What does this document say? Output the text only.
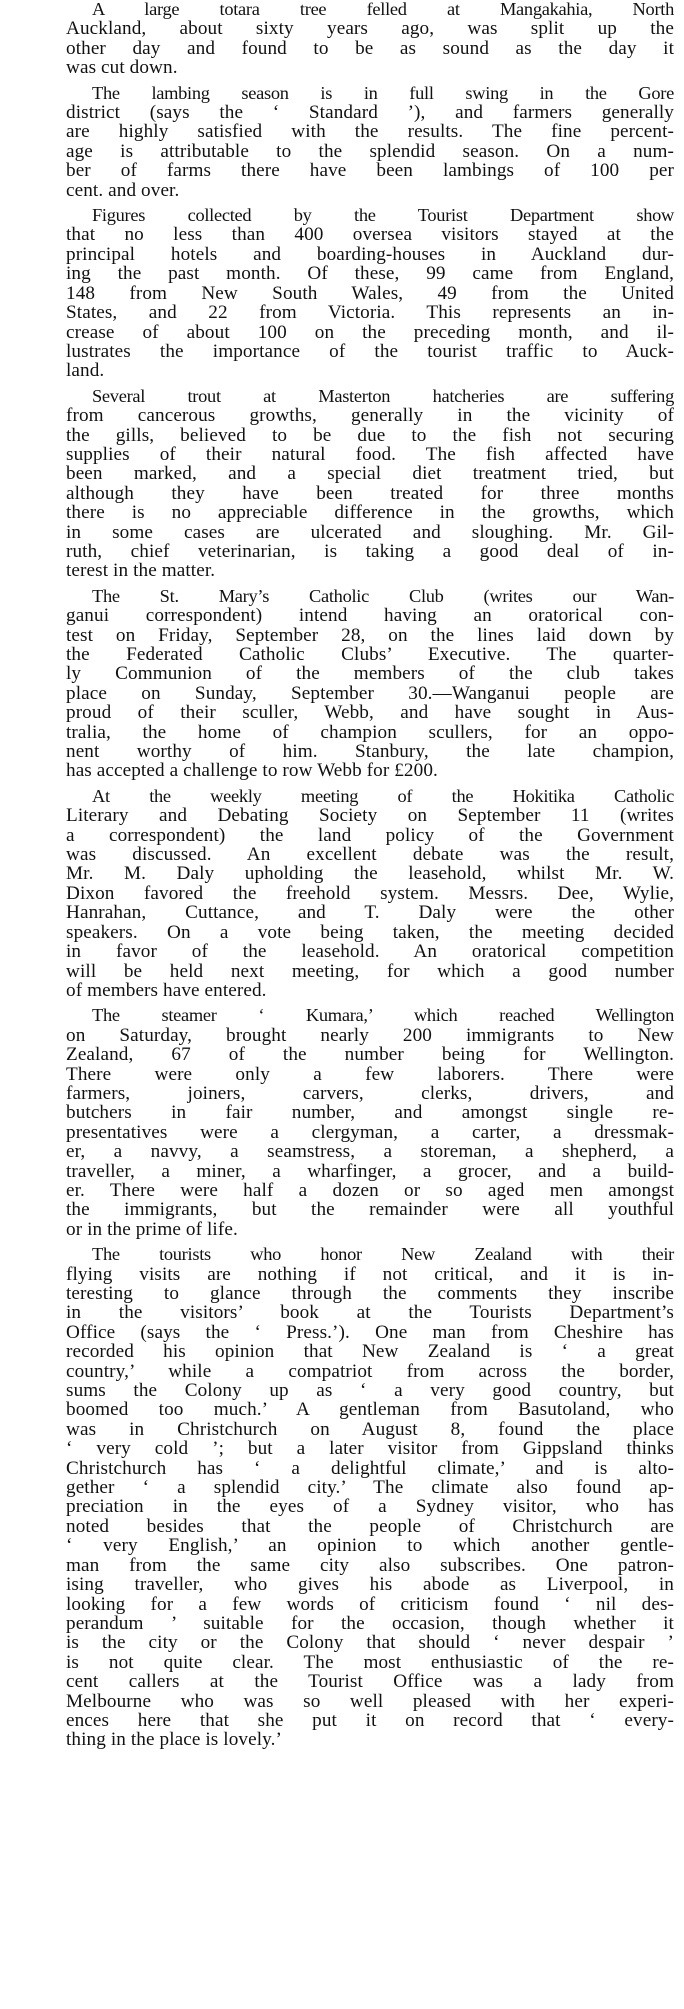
A large totara tree felled at Mangakahia, North
Auckland, about sixty years ago, was split up the
other day and found to be as sound as the day it
was cut down.
The lambing season is in full swing in the Gore
district (says the ‘ Standard ’), and farmers generally
are highly satisfied with the results. The fine percent-
age is attributable to the splendid season. On a num-
ber of farms there have been lambings of 100 per
cent. and over.
Figures collected by the Tourist Department show
that no less than 400 oversea visitors stayed at the
principal hotels and boarding-houses in Auckland dur-
ing the past month. Of these, 99 came from England,
148 from New South Wales, 49 from the United
States, and 22 from Victoria. This represents an in-
crease of about 100 on the preceding month, and il-
lustrates the importance of the tourist traffic to Auck-
land.
Several trout at Masterton hatcheries are suffering
from cancerous growths, generally in the vicinity of
the gills, believed to be due to the fish not securing
supplies of their natural food. The fish affected have
been marked, and a special diet treatment tried, but
although they have been treated for three months
there is no appreciable difference in the growths, which
in some cases are ulcerated and sloughing. Mr. Gil-
ruth, chief veterinarian, is taking a good deal of in-
terest in the matter.
The St. Mary’s Catholic Club (writes our Wan-
ganui correspondent) intend having an oratorical con-
test on Friday, September 28, on the lines laid down by
the Federated Catholic Clubs’ Executive. The quarter-
ly Communion of the members of the club takes
place on Sunday, September 30.—Wanganui people are
proud of their sculler, Webb, and have sought in Aus-
tralia, the home of champion scullers, for an oppo-
nent worthy of him. Stanbury, the late champion,
has accepted a challenge to row Webb for £200.
At the weekly meeting of the Hokitika Catholic
Literary and Debating Society on September 11 (writes
a correspondent) the land policy of the Government
was discussed. An excellent debate was the result,
Mr. M. Daly upholding the leasehold, whilst Mr. W.
Dixon favored the freehold system. Messrs. Dee, Wylie,
Hanrahan, Cuttance, and T. Daly were the other
speakers. On a vote being taken, the meeting decided
in favor of the leasehold. An oratorical competition
will be held next meeting, for which a good number
of members have entered.
The steamer ‘ Kumara,’ which reached Wellington
on Saturday, brought nearly 200 immigrants to New
Zealand, 67 of the number being for Wellington.
There were only a few laborers. There were
farmers, joiners, carvers, clerks, drivers, and
butchers in fair number, and amongst single re-
presentatives were a clergyman, a carter, a dressmak-
er, a navvy, a seamstress, a storeman, a shepherd, a
traveller, a miner, a wharfinger, a grocer, and a build-
er. There were half a dozen or so aged men amongst
the immigrants, but the remainder were all youthful
or in the prime of life.
The tourists who honor New Zealand with their
flying visits are nothing if not critical, and it is in-
teresting to glance through the comments they inscribe
in the visitors’ book at the Tourists Department’s
Office (says the ‘ Press.’). One man from Cheshire has
recorded his opinion that New Zealand is ‘ a great
country,’ while a compatriot from across the border,
sums the Colony up as ‘ a very good country, but
boomed too much.’ A gentleman from Basutoland, who
was in Christchurch on August 8, found the place
‘ very cold ’; but a later visitor from Gippsland thinks
Christchurch has ‘ a delightful climate,’ and is alto-
gether ‘ a splendid city.’ The climate also found ap-
preciation in the eyes of a Sydney visitor, who has
noted besides that the people of Christchurch are
‘ very English,’ an opinion to which another gentle-
man from the same city also subscribes. One patron-
ising traveller, who gives his abode as Liverpool, in
looking for a few words of criticism found ‘ nil des-
perandum ’ suitable for the occasion, though whether it
is the city or the Colony that should ‘ never despair ’
is not quite clear. The most enthusiastic of the re-
cent callers at the Tourist Office was a lady from
Melbourne who was so well pleased with her experi-
ences here that she put it on record that ‘ every-
thing in the place is lovely.’
